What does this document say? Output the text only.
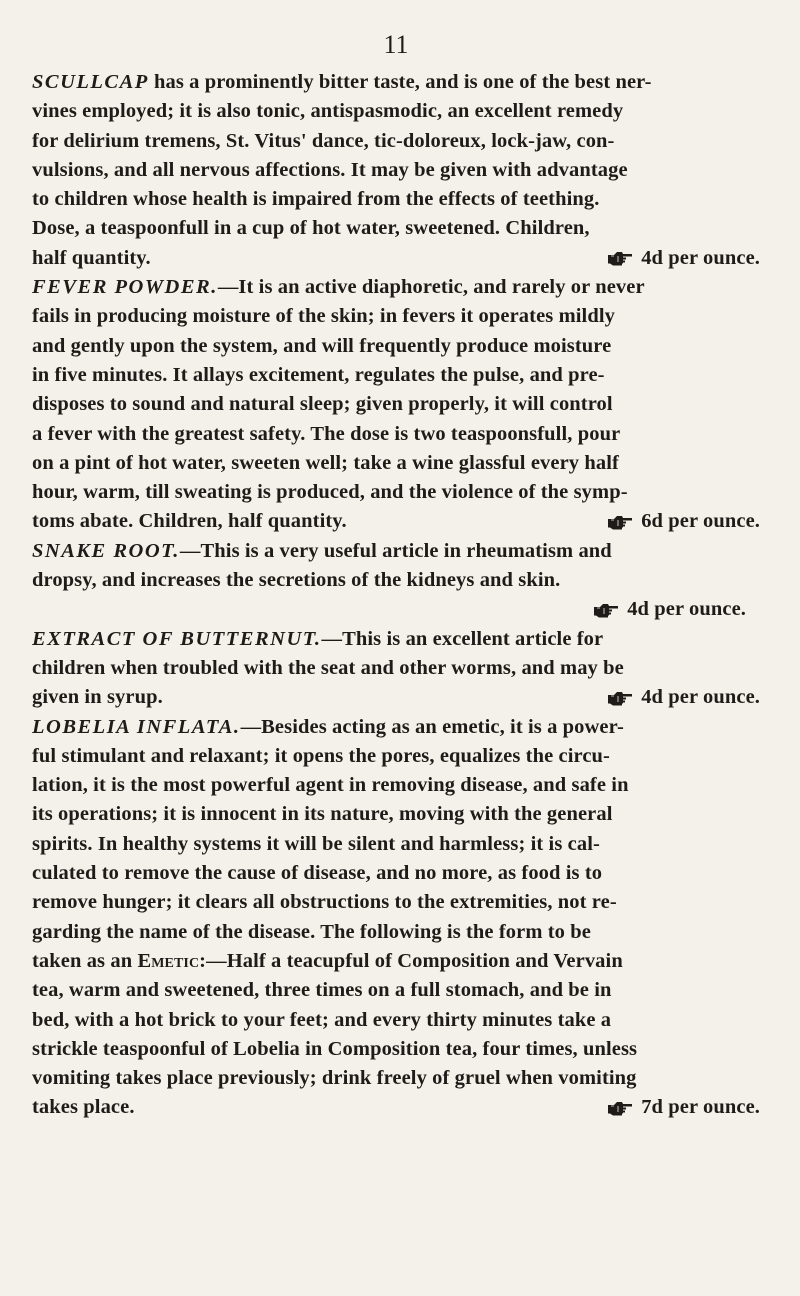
11
SCULLCAP has a prominently bitter taste, and is one of the best ner-
vines employed; it is also tonic, antispasmodic, an excellent remedy
for delirium tremens, St. Vitus' dance, tic-doloreux, lock-jaw, con-
vulsions, and all nervous affections. It may be given with advantage
to children whose health is impaired from the effects of teething.
Dose, a teaspoonfull in a cup of hot water, sweetened. Children,
half quantity.	4d per ounce.
FEVER POWDER.—It is an active diaphoretic, and rarely or never
fails in producing moisture of the skin; in fevers it operates mildly
and gently upon the system, and will frequently produce moisture
in five minutes. It allays excitement, regulates the pulse, and pre-
disposes to sound and natural sleep; given properly, it will control
a fever with the greatest safety. The dose is two teaspoonsfull, pour
on a pint of hot water, sweeten well; take a wine glassful every half
hour, warm, till sweating is produced, and the violence of the symp-
toms abate. Children, half quantity.	6d per ounce.
SNAKE ROOT.—This is a very useful article in rheumatism and
dropsy, and increases the secretions of the kidneys and skin.
4d per ounce.
EXTRACT OF BUTTERNUT.—This is an excellent article for
children when troubled with the seat and other worms, and may be
given in syrup.	4d per ounce.
LOBELIA INFLATA.—Besides acting as an emetic, it is a power-
ful stimulant and relaxant; it opens the pores, equalizes the circu-
lation, it is the most powerful agent in removing disease, and safe in
its operations; it is innocent in its nature, moving with the general
spirits. In healthy systems it will be silent and harmless; it is cal-
culated to remove the cause of disease, and no more, as food is to
remove hunger; it clears all obstructions to the extremities, not re-
garding the name of the disease. The following is the form to be
taken as an Emetic:—Half a teacupful of Composition and Vervain
tea, warm and sweetened, three times on a full stomach, and be in
bed, with a hot brick to your feet; and every thirty minutes take a
strickle teaspoonful of Lobelia in Composition tea, four times, unless
vomiting takes place previously; drink freely of gruel when vomiting
takes place.	7d per ounce.
